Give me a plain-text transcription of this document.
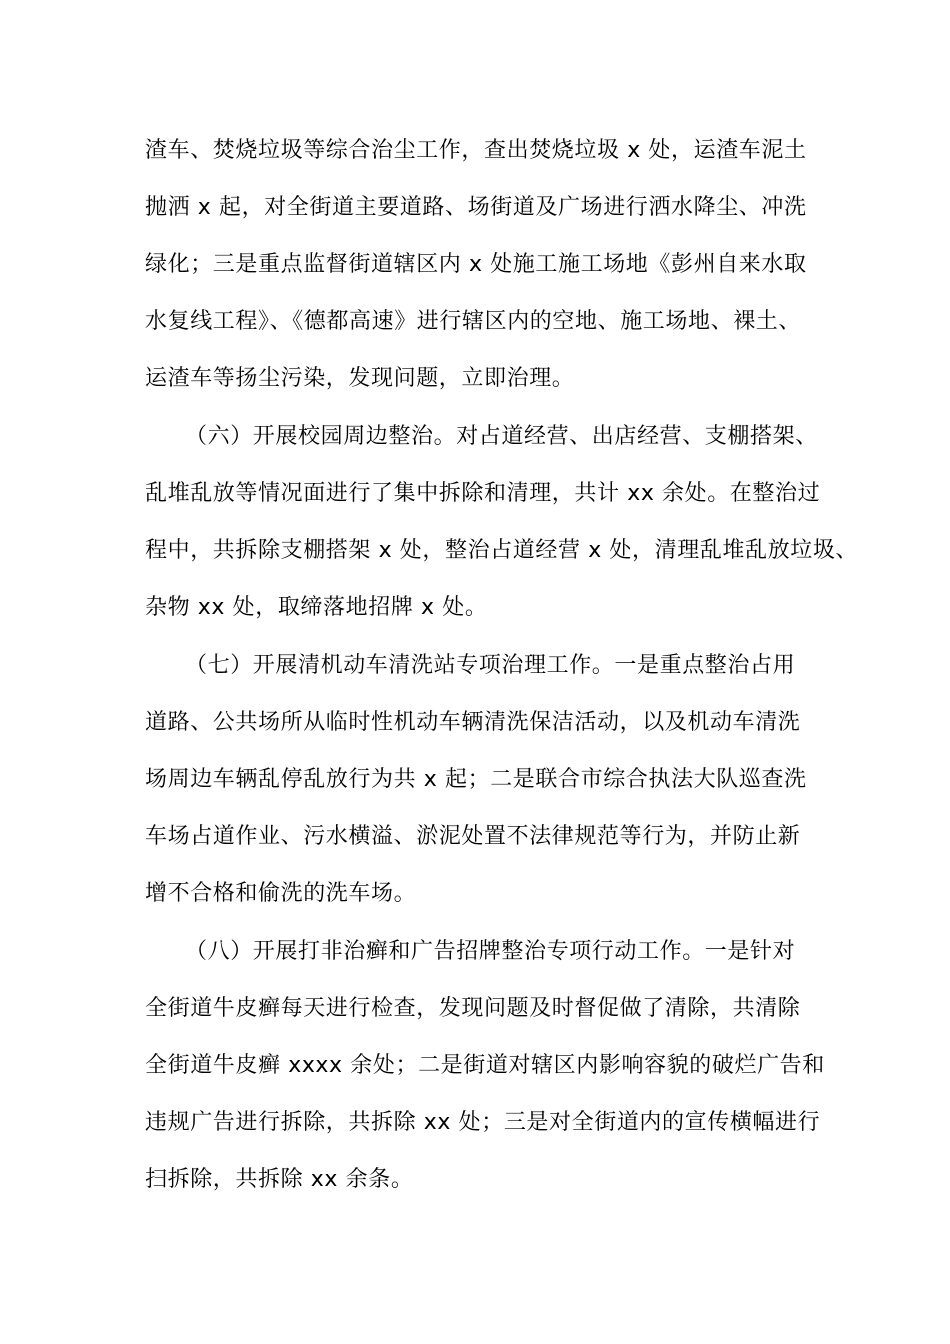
渣车、焚烧垃圾等综合治尘工作，查出焚烧垃圾 x 处，运渣车泥土
抛洒 x 起，对全街道主要道路、场街道及广场进行洒水降尘、冲洗
绿化；三是重点监督街道辖区内 x 处施工施工场地《彭州自来水取
水复线工程》、《德都高速》进行辖区内的空地、施工场地、裸土、
运渣车等扬尘污染，发现问题，立即治理。
（六）开展校园周边整治。对占道经营、出店经营、支棚搭架、
乱堆乱放等情况面进行了集中拆除和清理，共计 xx 余处。在整治过
程中，共拆除支棚搭架 x 处，整治占道经营 x 处，清理乱堆乱放垃圾、
杂物 xx 处，取缔落地招牌 x 处。
（七）开展清机动车清洗站专项治理工作。一是重点整治占用
道路、公共场所从临时性机动车辆清洗保洁活动，以及机动车清洗
场周边车辆乱停乱放行为共 x 起；二是联合市综合执法大队巡查洗
车场占道作业、污水横溢、淤泥处置不法律规范等行为，并防止新
增不合格和偷洗的洗车场。
（八）开展打非治癣和广告招牌整治专项行动工作。一是针对
全街道牛皮癣每天进行检查，发现问题及时督促做了清除，共清除
全街道牛皮癣 xxxx 余处；二是街道对辖区内影响容貌的破烂广告和
违规广告进行拆除，共拆除 xx 处；三是对全街道内的宣传横幅进行
扫拆除，共拆除 xx 余条。
